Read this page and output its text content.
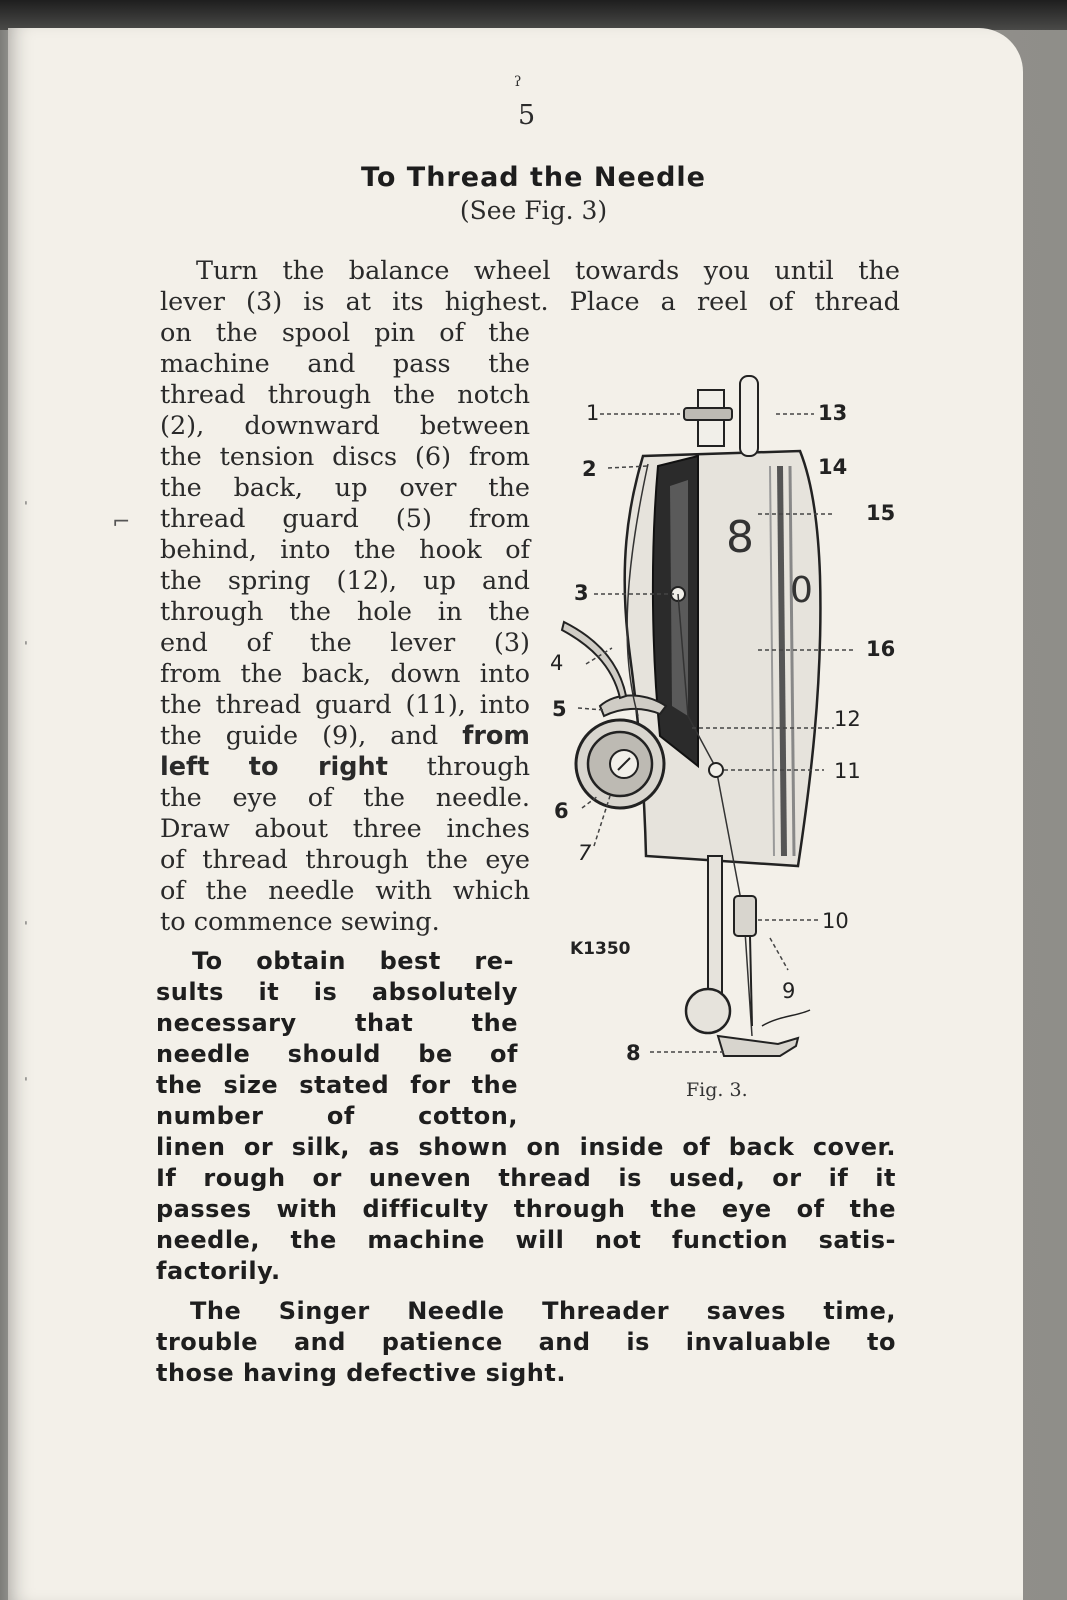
ʔ
5
To Thread the Needle
(See Fig. 3)
Turn the balance wheel towards you until the
lever (3) is at its highest. Place a reel of thread
on the spool pin of the
machine and pass the
thread through the notch
(2), downward between
the tension discs (6) from
the back, up over the
thread guard (5) from
behind, into the hook of
the spring (12), up and
through the hole in the
end of the lever (3)
from the back, down into
the thread guard (11), into
the guide (9), and from
left to right through
the eye of the needle.
Draw about three inches
of thread through the eye
of the needle with which
to commence sewing.
To obtain best re-
sults it is absolutely
necessary that the
needle should be of
the size stated for the
number of cotton,
linen or silk, as shown on inside of back cover.
If rough or uneven thread is used, or if it
passes with difficulty through the eye of the
needle, the machine will not function satis-
factorily.
The Singer Needle Threader saves time,
trouble and patience and is invaluable to
those having defective sight.
⌐
ˈ
ˈ
ˈ
ˈ
8
0
1
2
3
4
5
6
7
8
9
10
11
12
13
14
15
16
K1350
Fig. 3.
